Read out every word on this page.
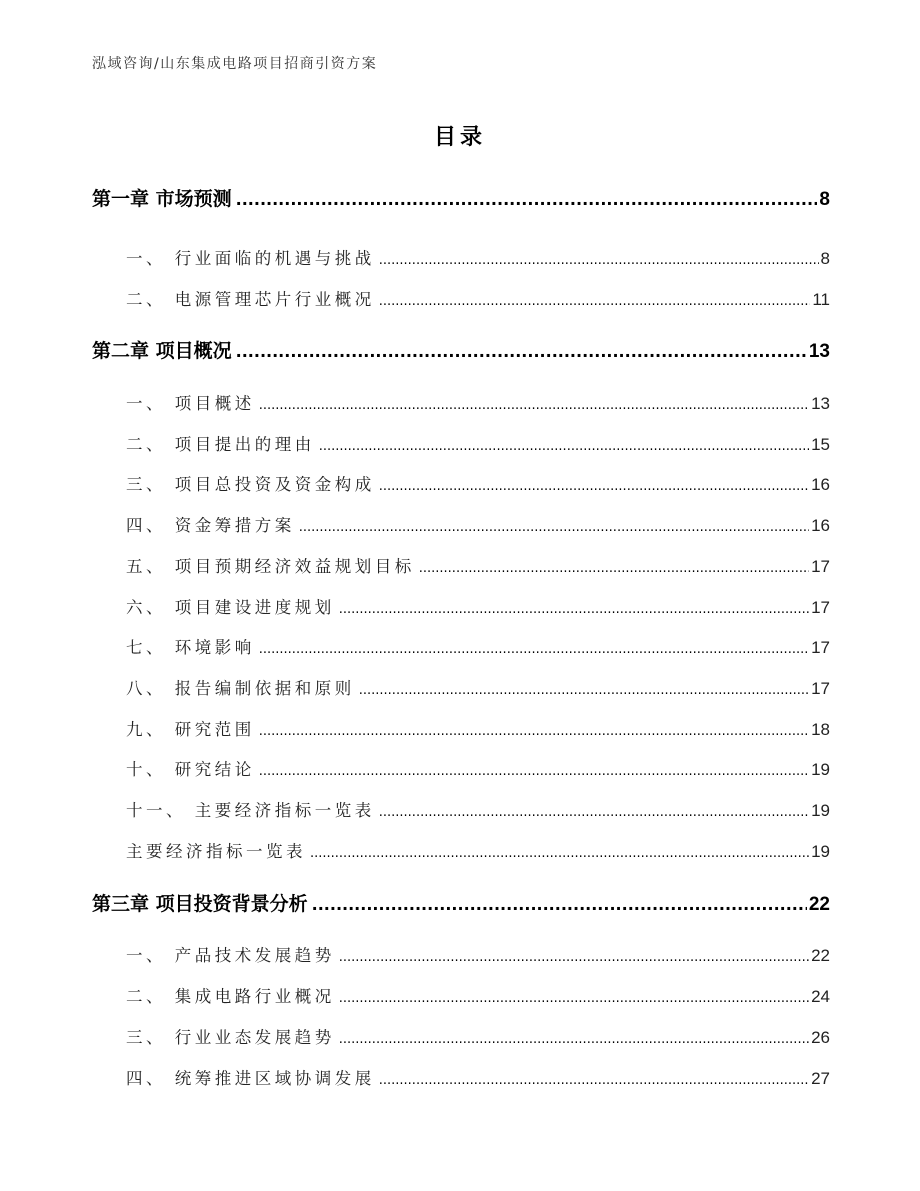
泓域咨询/山东集成电路项目招商引资方案
目录
第一章 市场预测 .....	8
一、 行业面临的机遇与挑战 .....	8
二、 电源管理芯片行业概况 .....	11
第二章 项目概况 .....	13
一、 项目概述 .....	13
二、 项目提出的理由 .....	15
三、 项目总投资及资金构成 .....	16
四、 资金筹措方案 .....	16
五、 项目预期经济效益规划目标 .....	17
六、 项目建设进度规划 .....	17
七、 环境影响 .....	17
八、 报告编制依据和原则 .....	17
九、 研究范围 .....	18
十、 研究结论 .....	19
十一、 主要经济指标一览表 .....	19
主要经济指标一览表 .....	19
第三章 项目投资背景分析 .....	22
一、 产品技术发展趋势 .....	22
二、 集成电路行业概况 .....	24
三、 行业业态发展趋势 .....	26
四、 统筹推进区域协调发展 .....	27
